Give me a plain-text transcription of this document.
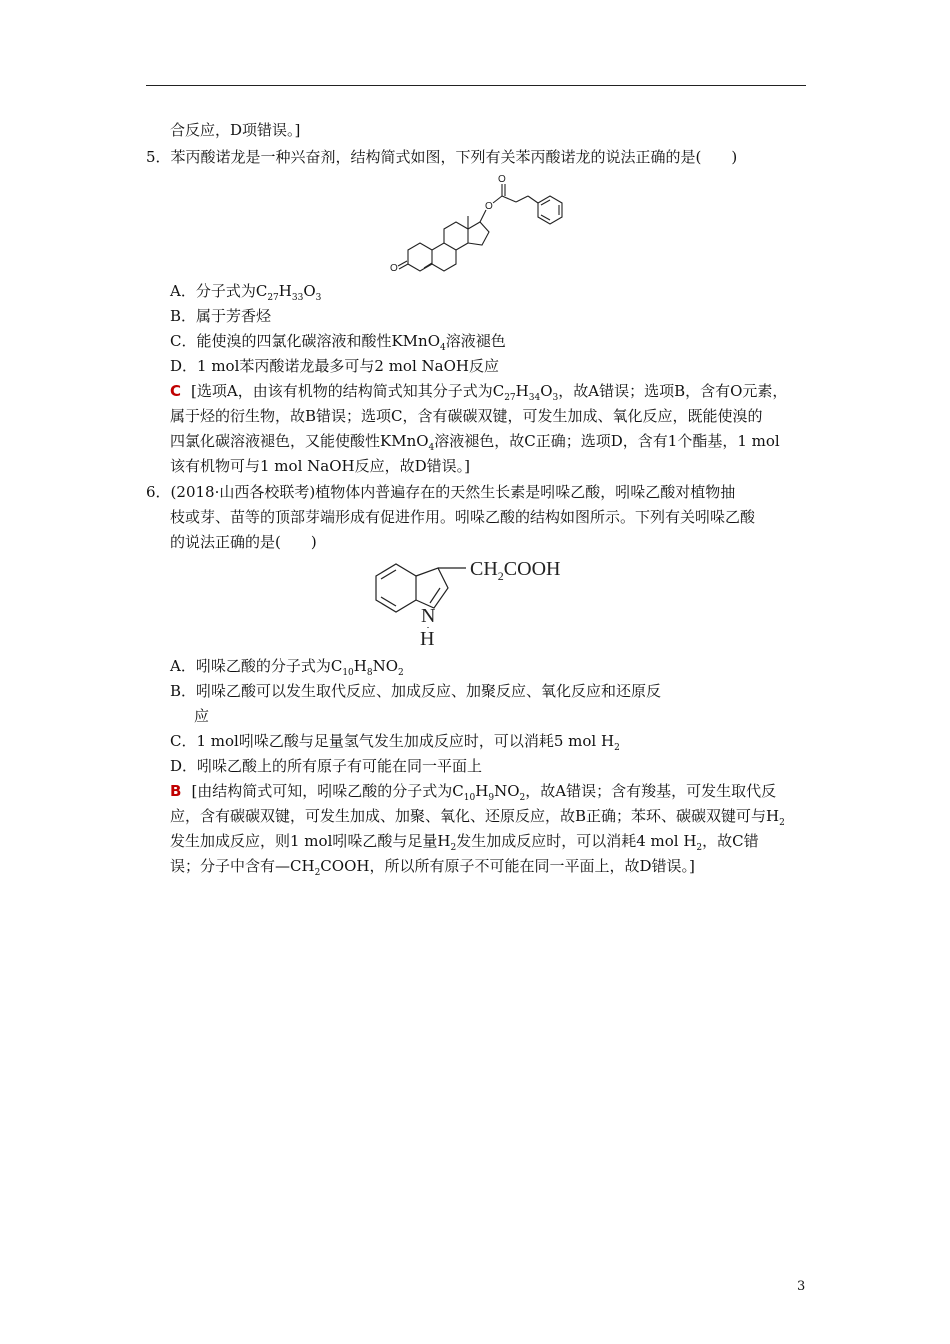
合反应，D项错误。]
5．苯丙酸诺龙是一种兴奋剂，结构简式如图，下列有关苯丙酸诺龙的说法正确的是(　　)
O
O
O
A．分子式为$C_{27}H_{33}O_3$
B．属于芳香烃
C．能使溴的四氯化碳溶液和酸性KMnO$_4$溶液褪色
D．1 mol苯丙酸诺龙最多可与2 mol NaOH反应
C [选项A，由该有机物的结构简式知其分子式为$C_{27}H_{34}O_3$，故A错误；选项B，含有O元素，
属于烃的衍生物，故B错误；选项C，含有碳碳双键，可发生加成、氧化反应，既能使溴的
四氯化碳溶液褪色，又能使酸性KMnO$_4$溶液褪色，故C正确；选项D，含有1个酯基，1 mol
该有机物可与1 mol NaOH反应，故D错误。]
6．(2018·山西各校联考)植物体内普遍存在的天然生长素是吲哚乙酸，吲哚乙酸对植物抽
枝或芽、苗等的顶部芽端形成有促进作用。吲哚乙酸的结构如图所示。下列有关吲哚乙酸
的说法正确的是(　　)
$CH_2COOH$
N
H
A．吲哚乙酸的分子式为$C_{10}H_8NO_2$
B．吲哚乙酸可以发生取代反应、加成反应、加聚反应、氧化反应和还原反
应
C．1 mol吲哚乙酸与足量氢气发生加成反应时，可以消耗5 mol $H_2$
D．吲哚乙酸上的所有原子有可能在同一平面上
B [由结构简式可知，吲哚乙酸的分子式为$C_{10}H_9NO_2$，故A错误；含有羧基，可发生取代反
应，含有碳碳双键，可发生加成、加聚、氧化、还原反应，故B正确；苯环、碳碳双键可与$H_2$
发生加成反应，则1 mol吲哚乙酸与足量$H_2$发生加成反应时，可以消耗4 mol $H_2$，故C错
误；分子中含有$—CH_2COOH$，所以所有原子不可能在同一平面上，故D错误。]
3
